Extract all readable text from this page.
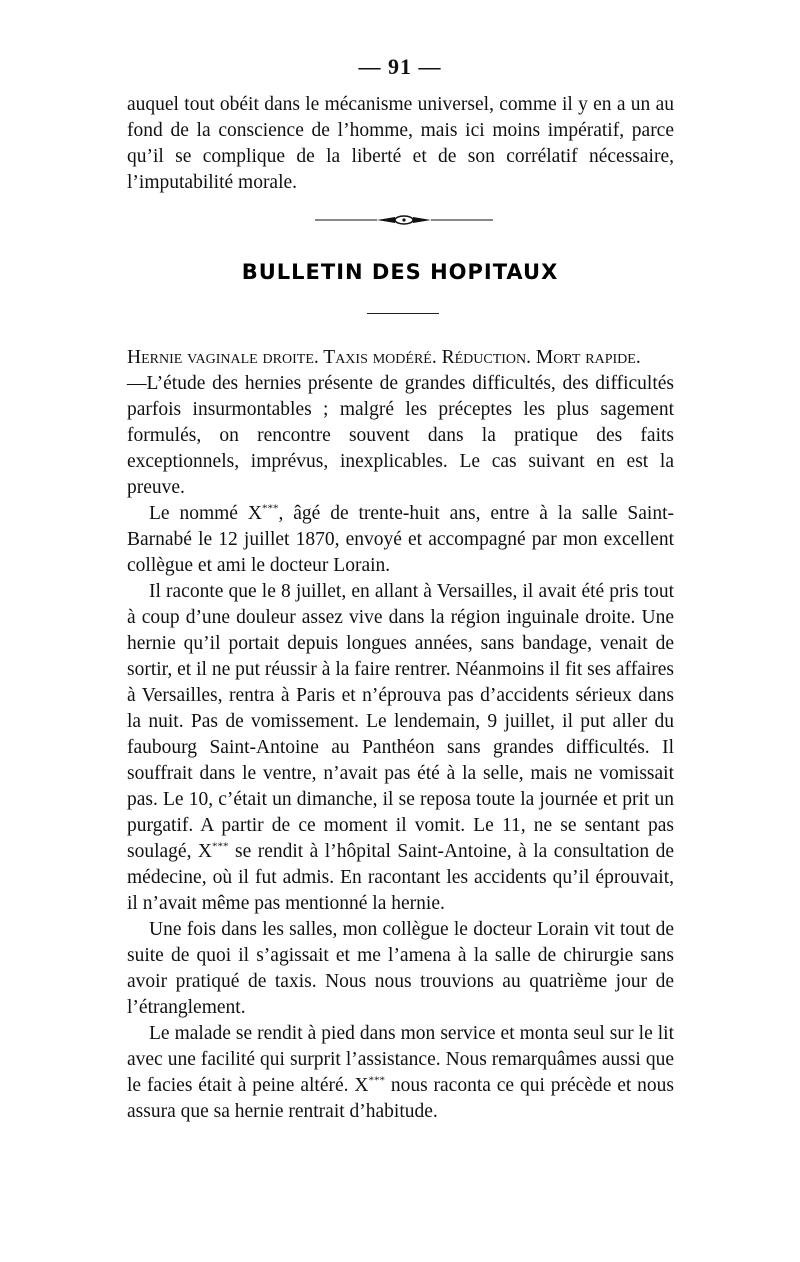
— 91 —

auquel tout obéit dans le mécanisme universel, comme il y en a un au fond de la conscience de l’homme, mais ici moins impératif, parce qu’il se complique de la liberté et de son corrélatif nécessaire, l’imputabilité morale.

BULLETIN DES HOPITAUX

Hernie vaginale droite. Taxis modéré. Réduction. Mort rapide.
—L’étude des hernies présente de grandes difficultés, des difficultés parfois insurmontables ; malgré les préceptes les plus sagement formulés, on rencontre souvent dans la pratique des faits exceptionnels, imprévus, inexplicables. Le cas suivant en est la preuve.

Le nommé X***, âgé de trente-huit ans, entre à la salle Saint-Barnabé le 12 juillet 1870, envoyé et accompagné par mon excellent collègue et ami le docteur Lorain.

Il raconte que le 8 juillet, en allant à Versailles, il avait été pris tout à coup d’une douleur assez vive dans la région inguinale droite. Une hernie qu’il portait depuis longues années, sans bandage, venait de sortir, et il ne put réussir à la faire rentrer. Néanmoins il fit ses affaires à Versailles, rentra à Paris et n’éprouva pas d’accidents sérieux dans la nuit. Pas de vomissement. Le lendemain, 9 juillet, il put aller du faubourg Saint-Antoine au Panthéon sans grandes difficultés. Il souffrait dans le ventre, n’avait pas été à la selle, mais ne vomissait pas. Le 10, c’était un dimanche, il se reposa toute la journée et prit un purgatif. A partir de ce moment il vomit. Le 11, ne se sentant pas soulagé, X*** se rendit à l’hôpital Saint-Antoine, à la consultation de médecine, où il fut admis. En racontant les accidents qu’il éprouvait, il n’avait même pas mentionné la hernie.

Une fois dans les salles, mon collègue le docteur Lorain vit tout de suite de quoi il s’agissait et me l’amena à la salle de chirurgie sans avoir pratiqué de taxis. Nous nous trouvions au quatrième jour de l’étranglement.

Le malade se rendit à pied dans mon service et monta seul sur le lit avec une facilité qui surprit l’assistance. Nous remarquâmes aussi que le facies était à peine altéré. X*** nous raconta ce qui précède et nous assura que sa hernie rentrait d’habitude.
